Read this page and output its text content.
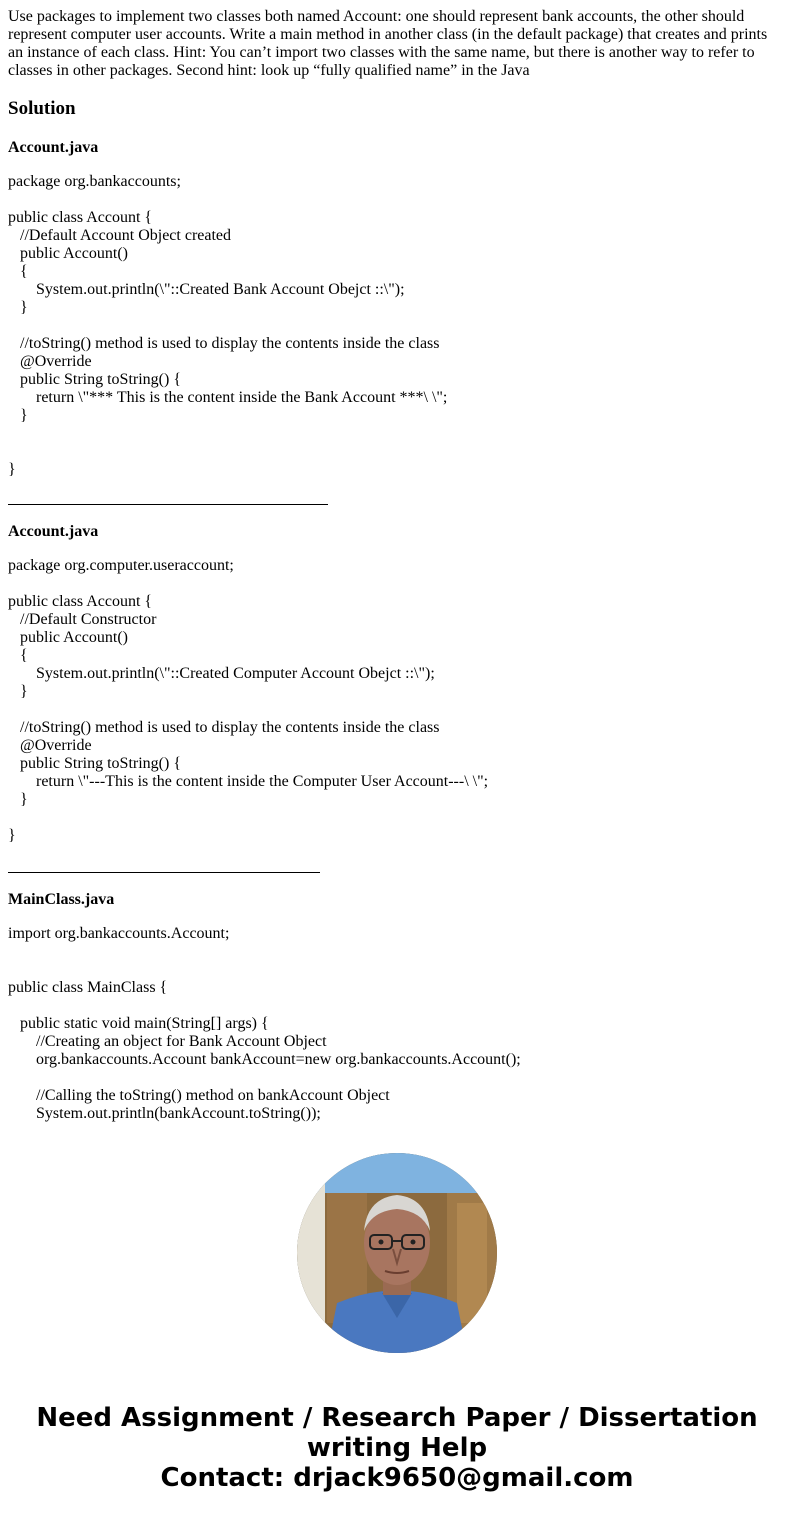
Use packages to implement two classes both named Account: one should represent bank accounts, the other should represent computer user accounts. Write a main method in another class (in the default package) that creates and prints an instance of each class. Hint: You can’t import two classes with the same name, but there is another way to refer to classes in other packages. Second hint: look up “fully qualified name” in the Java

Solution

Account.java

package org.bankaccounts;

public class Account {
//Default Account Object created
public Account()
{
System.out.println(\"::Created Bank Account Obejct ::\");
}

//toString() method is used to display the contents inside the class
@Override
public String toString() {
return \"*** This is the content inside the Bank Account ***\ \";
}

}

Account.java

package org.computer.useraccount;

public class Account {
//Default Constructor
public Account()
{
System.out.println(\"::Created Computer Account Obejct ::\");
}

//toString() method is used to display the contents inside the class
@Override
public String toString() {
return \"---This is the content inside the Computer User Account---\ \";
}

}

MainClass.java

import org.bankaccounts.Account;

public class MainClass {

public static void main(String[] args) {
//Creating an object for Bank Account Object
org.bankaccounts.Account bankAccount=new org.bankaccounts.Account();

//Calling the toString() method on bankAccount Object
System.out.println(bankAccount.toString());
Need Assignment / Research Paper / Dissertation
writing Help
Contact: drjack9650@gmail.com
